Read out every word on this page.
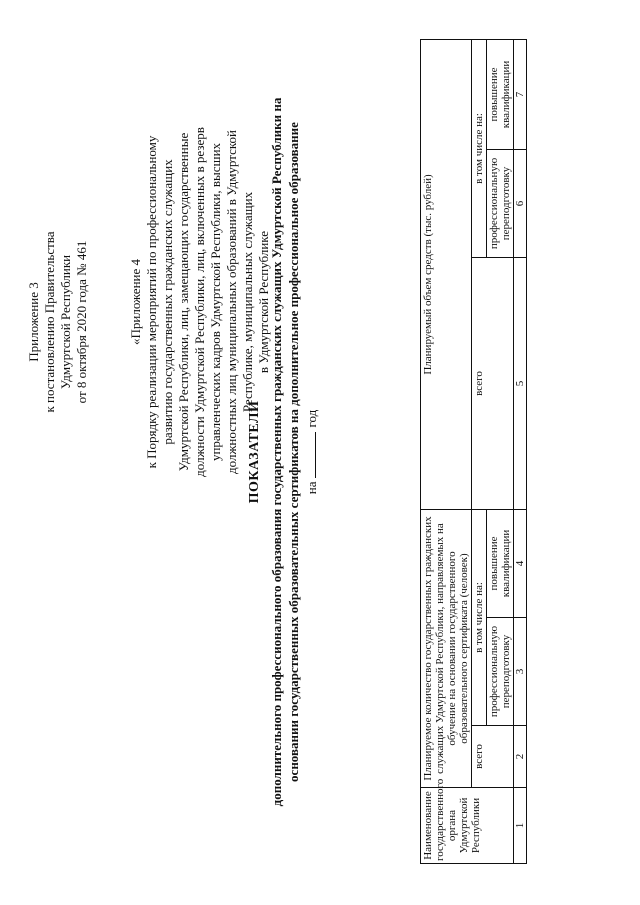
Приложение 3 к постановлению Правительства Удмуртской Республики от 8 октября 2020 года № 461	«Приложение 4 к Порядку реализации мероприятий по профессиональному развитию государственных гражданских служащих Удмуртской Республики, лиц, замещающих государственные должности Удмуртской Республики, лиц, включенных в резерв управленческих кадров Удмуртской Республики, высших должностных лиц муниципальных образований в Удмуртской Республике, муниципальных служащих в Удмуртской Республике
ПОКАЗАТЕЛИ дополнительного профессионального образования государственных гражданских служащих Удмуртской Республики на основании государственных образовательных сертификатов на дополнительное профессиональное образование нагод
Наименование государственного органа Удмуртской Республики	Планируемое количество государственных гражданских служащих Удмуртской Республики, направляемых на обучение на основании государственного образовательного сертификата (человек)			Планируемый объем средств (тыс. рублей)		
	всего	в том числе на:		всего	в том числе на:	
		профессиональную переподготовку	повышение квалификации		профессиональную переподготовку	повышение квалификации
1	2	3	4	5	6	7
